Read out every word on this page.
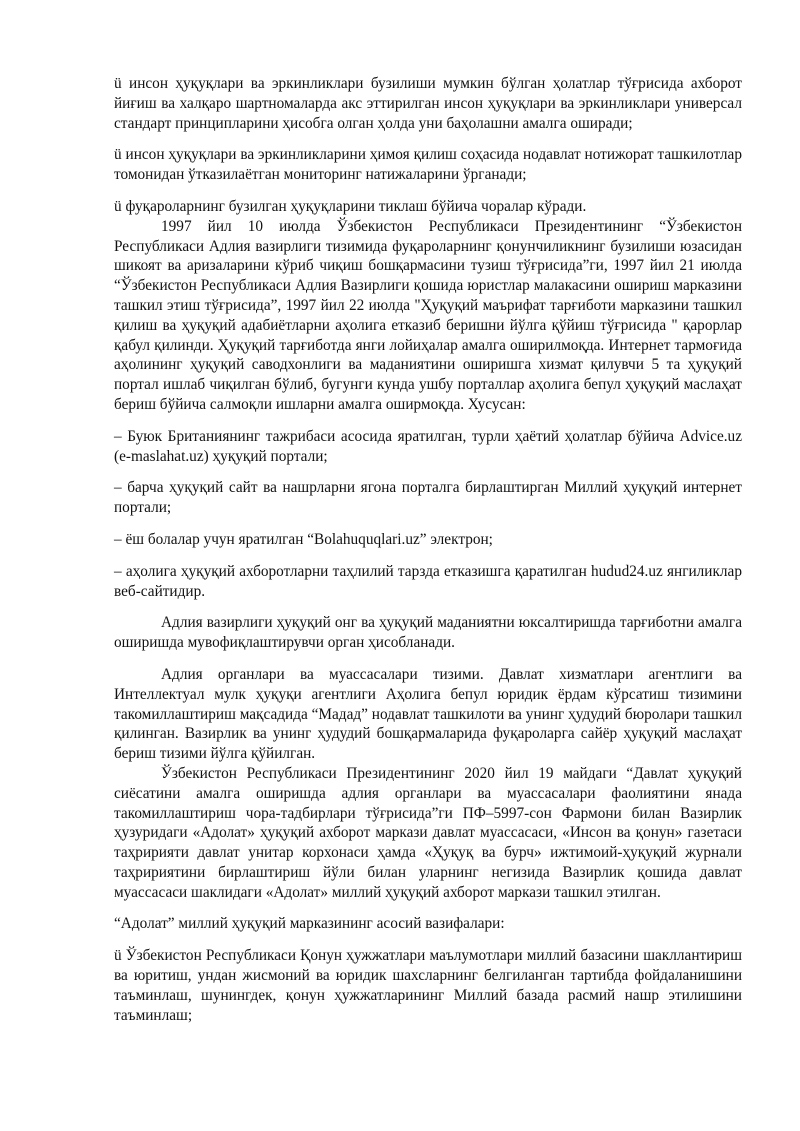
ü инсон ҳуқуқлари ва эркинликлари бузилиши мумкин бўлган ҳолатлар тўғрисида ахборот йиғиш ва халқаро шартномаларда акс эттирилган инсон ҳуқуқлари ва эркинликлари универсал стандарт принципларини ҳисобга олган ҳолда уни баҳолашни амалга оширади;

ü инсон ҳуқуқлари ва эркинликларини ҳимоя қилиш соҳасида нодавлат нотижорат ташкилотлар томонидан ўтказилаётган мониторинг натижаларини ўрганади;

ü фуқароларнинг бузилган ҳуқуқларини тиклаш бўйича чоралар кўради.

1997 йил 10 июлда Ўзбекистон Республикаси Президентининг “Ўзбекистон Республикаси Адлия вазирлиги тизимида фуқароларнинг қонунчиликнинг бузилиши юзасидан шикоят ва аризаларини кўриб чиқиш бошқармасини тузиш тўғрисида”ги, 1997 йил 21 июлда “Ўзбекистон Республикаси Адлия Вазирлиги қошида юристлар малакасини ошириш марказини ташкил этиш тўғрисида”, 1997 йил 22 июлда "Ҳуқуқий маърифат тарғиботи марказини ташкил қилиш ва ҳуқуқий адабиётларни аҳолига етказиб беришни йўлга қўйиш тўғрисида " қарорлар қабул қилинди. Ҳуқуқий тарғиботда янги лойиҳалар амалга оширилмоқда. Интернет тармоғида аҳолининг ҳуқуқий саводхонлиги ва маданиятини оширишга хизмат қилувчи 5 та ҳуқуқий портал ишлаб чиқилган бўлиб, бугунги кунда ушбу порталлар аҳолига бепул ҳуқуқий маслаҳат бериш бўйича салмоқли ишларни амалга оширмоқда. Хусусан:

– Буюк Британиянинг тажрибаси асосида яратилган, турли ҳаётий ҳолатлар бўйича Advice.uz (e-maslahat.uz) ҳуқуқий портали;

– барча ҳуқуқий сайт ва нашрларни ягона порталга бирлаштирган Миллий ҳуқуқий интернет портали;

– ёш болалар учун яратилган “Bolahuquqlari.uz” электрон;

– аҳолига ҳуқуқий ахборотларни таҳлилий тарзда етказишга қаратилган hudud24.uz янгиликлар веб-сайтидир.

Адлия вазирлиги ҳуқуқий онг ва ҳуқуқий маданиятни юксалтиришда тарғиботни амалга оширишда мувофиқлаштирувчи орган ҳисобланади.

Адлия органлари ва муассасалари тизими. Давлат хизматлари агентлиги ва Интеллектуал мулк ҳуқуқи агентлиги Аҳолига бепул юридик ёрдам кўрсатиш тизимини такомиллаштириш мақсадида “Мадад” нодавлат ташкилоти ва унинг ҳудудий бюролари ташкил қилинган. Вазирлик ва унинг ҳудудий бошқармаларида фуқароларга сайёр ҳуқуқий маслаҳат бериш тизими йўлга қўйилган.

Ўзбекистон Республикаси Президентининг 2020 йил 19 майдаги “Давлат ҳуқуқий сиёсатини амалга оширишда адлия органлари ва муассасалари фаолиятини янада такомиллаштириш чора-тадбирлари тўғрисида”ги ПФ–5997-сон Фармони билан Вазирлик ҳузуридаги «Адолат» ҳуқуқий ахборот маркази давлат муассасаси, «Инсон ва қонун» газетаси таҳририяти давлат унитар корхонаси ҳамда «Ҳуқуқ ва бурч» ижтимоий-ҳуқуқий журнали таҳририятини бирлаштириш йўли билан уларнинг негизида Вазирлик қошида давлат муассасаси шаклидаги «Адолат» миллий ҳуқуқий ахборот маркази ташкил этилган.

“Адолат” миллий ҳуқуқий марказининг асосий вазифалари:

ü Ўзбекистон Республикаси Қонун ҳужжатлари маълумотлари миллий базасини шакллантириш ва юритиш, ундан жисмоний ва юридик шахсларнинг белгиланган тартибда фойдаланишини таъминлаш, шунингдек, қонун ҳужжатларининг Миллий базада расмий нашр этилишини таъминлаш;
